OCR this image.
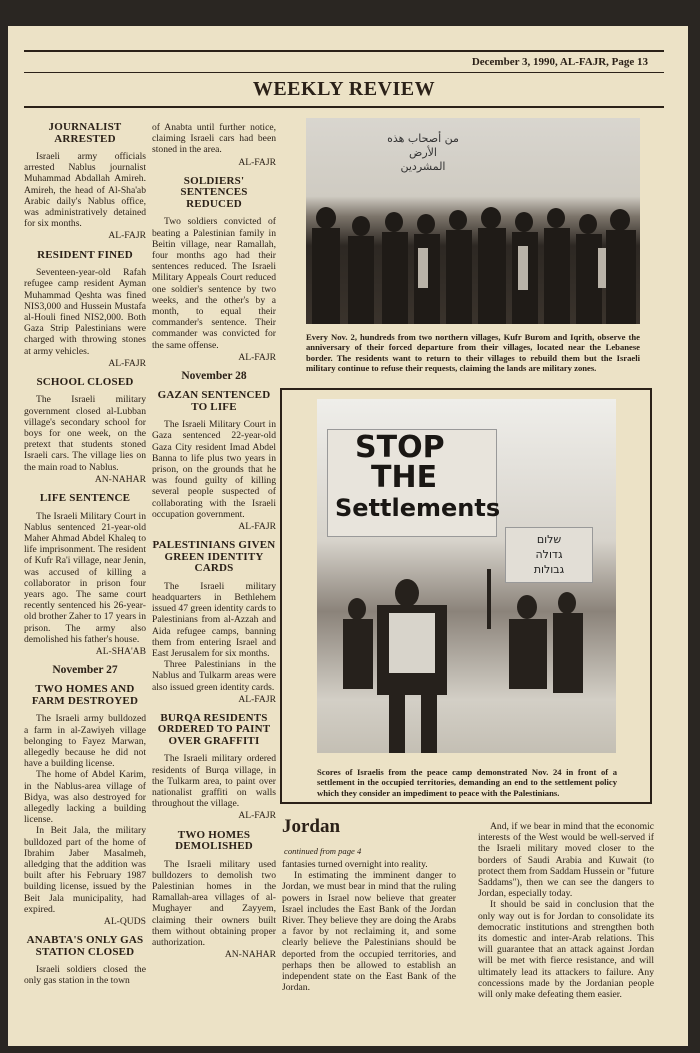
December 3, 1990, AL-FAJR, Page 13
WEEKLY REVIEW
JOURNALIST ARRESTED

Israeli army officials arrested Nablus journalist Muhammad Abdallah Amireh. Amireh, the head of Al-Sha'ab Arabic daily's Nablus office, was administratively detained for six months.

AL-FAJR
RESIDENT FINED

Seventeen-year-old Rafah refugee camp resident Ayman Muhammad Qeshta was fined NIS3,000 and Hussein Mustafa al-Houli fined NIS2,000. Both Gaza Strip Palestinians were charged with throwing stones at army vehicles.

AL-FAJR
SCHOOL CLOSED

The Israeli military government closed al-Lubban village's secondary school for boys for one week, on the pretext that students stoned Israeli cars. The village lies on the main road to Nablus.

AN-NAHAR
LIFE SENTENCE

The Israeli Military Court in Nablus sentenced 21-year-old Maher Ahmad Abdel Khaleq to life imprisonment. The resident of Kufr Ra'i village, near Jenin, was accused of killing a collaborator in prison four years ago. The same court recently sentenced his 26-year-old brother Zaher to 17 years in prison. The army also demolished his father's house.

AL-SHA'AB
November 27
TWO HOMES AND FARM DESTROYED

The Israeli army bulldozed a farm in al-Zawiyeh village belonging to Fayez Marwan, allegedly because he did not have a building license.

The home of Abdel Karim, in the Nablus-area village of Bidya, was also destroyed for allegedly lacking a building license.

In Beit Jala, the military bulldozed part of the home of Ibrahim Jaber Masalmeh, alledging that the addition was built after his February 1987 building license, issued by the Beit Jala municipality, had expired.

AL-QUDS
ANABTA'S ONLY GAS STATION CLOSED

Israeli soldiers closed the only gas station in the town

of Anabta until further notice, claiming Israeli cars had been stoned in the area.

AL-FAJR
SOLDIERS' SENTENCES REDUCED

Two soldiers convicted of beating a Palestinian family in Beitin village, near Ramallah, four months ago had their sentences reduced. The Israeli Military Appeals Court reduced one soldier's sentence by two weeks, and the other's by a month, to equal their commander's sentence. Their commander was convicted for the same offense.

AL-FAJR
November 28
GAZAN SENTENCED TO LIFE

The Israeli Military Court in Gaza sentenced 22-year-old Gaza City resident Imad Abdel Banna to life plus two years in prison, on the grounds that he was found guilty of killing several people suspected of collaborating with the Israeli occupation government.

AL-FAJR
PALESTINIANS GIVEN GREEN IDENTITY CARDS

The Israeli military headquarters in Bethlehem issued 47 green identity cards to Palestinians from al-Azzah and Aida refugee camps, banning them from entering Israel and East Jerusalem for six months.

Three Palestinians in the Nablus and Tulkarm areas were also issued green identity cards.

AL-FAJR
BURQA RESIDENTS ORDERED TO PAINT OVER GRAFFITI

The Israeli military ordered residents of Burqa village, in the Tulkarm area, to paint over nationalist graffiti on walls throughout the village.

AL-FAJR
TWO HOMES DEMOLISHED

The Israeli military used bulldozers to demolish two Palestinian homes in the Ramallah-area villages of al-Mughayer and Zayyem, claiming their owners built them without obtaining proper authorization.

AN-NAHAR
من أصحاب هذه
الأرض
المشردين
Every Nov. 2, hundreds from two northern villages, Kufr Burom and Iqrith, observe the anniversary of their forced departure from their villages, located near the Lebanese border. The residents want to return to their villages to rebuild them but the Israeli military continue to refuse their requests, claiming the lands are military zones.
STOP
THE
Settlements
שלום
גדולה
גבולות
Scores of Israelis from the peace camp demonstrated Nov. 24 in front of a settlement in the occupied territories, demanding an end to the settlement policy which they consider an impediment to peace with the Palestinians.
Jordan
continued from page 4

fantasies turned overnight into reality.

In estimating the imminent danger to Jordan, we must bear in mind that the ruling powers in Israel now believe that greater Israel includes the East Bank of the Jordan River. They believe they are doing the Arabs a favor by not reclaiming it, and some clearly believe the Palestinians should be deported from the occupied territories, and perhaps then be allowed to establish an independent state on the East Bank of the Jordan.

And, if we bear in mind that the economic interests of the West would be well-served if the Israeli military moved closer to the borders of Saudi Arabia and Kuwait (to protect them from Saddam Hussein or "future Saddams"), then we can see the dangers to Jordan, especially today.

It should be said in conclusion that the only way out is for Jordan to consolidate its democratic institutions and strengthen both its domestic and inter-Arab relations. This will guarantee that an attack against Jordan will be met with fierce resistance, and will ultimately lead its attackers to failure. Any concessions made by the Jordanian people will only make defeating them easier.
